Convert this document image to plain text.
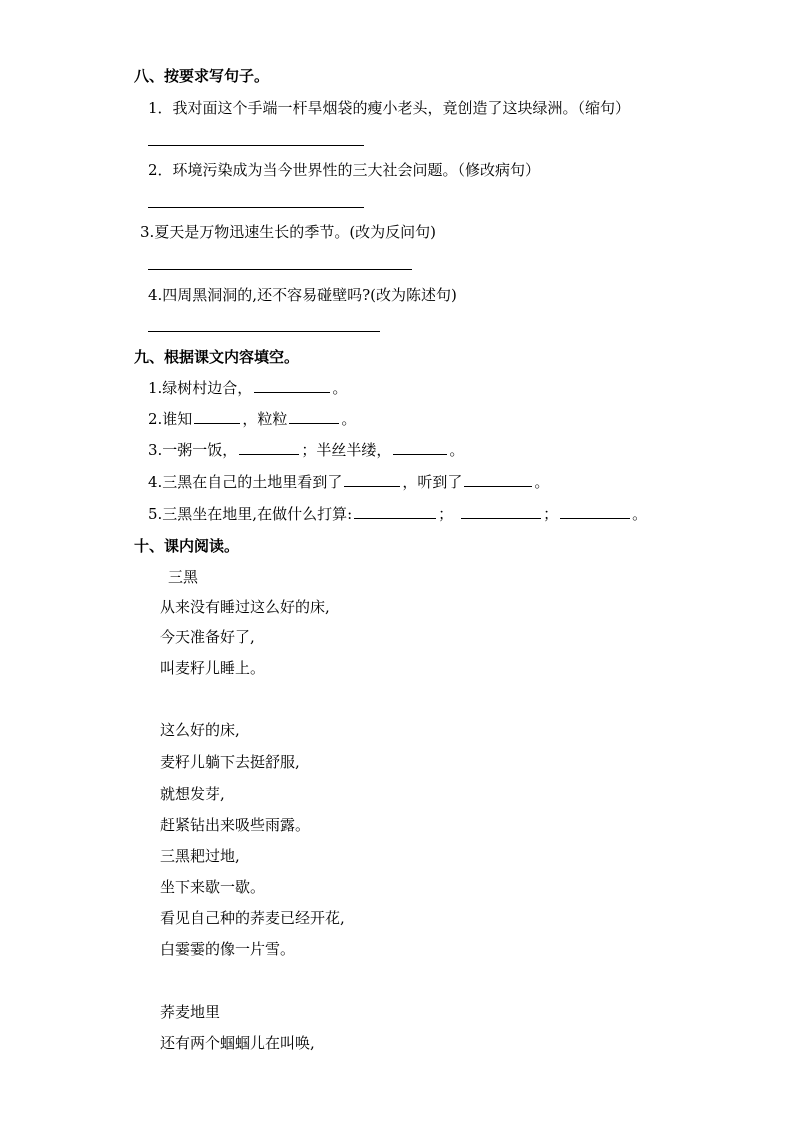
八、按要求写句子。
1．我对面这个手端一杆旱烟袋的瘦小老头，竟创造了这块绿洲。（缩句）
2．环境污染成为当今世界性的三大社会问题。（修改病句）
3.夏天是万物迅速生长的季节。(改为反问句)
4.四周黑洞洞的,还不容易碰壁吗?(改为陈述句)
九、根据课文内容填空。
1.绿树村边合，	。
2.谁知	，粒粒	。
3.一粥一饭，	；半丝半缕，	。
4.三黑在自己的土地里看到了	，听到了	。
5.三黑坐在地里,在做什么打算:	；	；	。
十、课内阅读。
三黑
从来没有睡过这么好的床,
今天准备好了,
叫麦籽儿睡上。
这么好的床,
麦籽儿躺下去挺舒服,
就想发芽,
赶紧钻出来吸些雨露。
三黑耙过地,
坐下来歇一歇。
看见自己种的荞麦已经开花,
白霎霎的像一片雪。
荞麦地里
还有两个蝈蝈儿在叫唤,
